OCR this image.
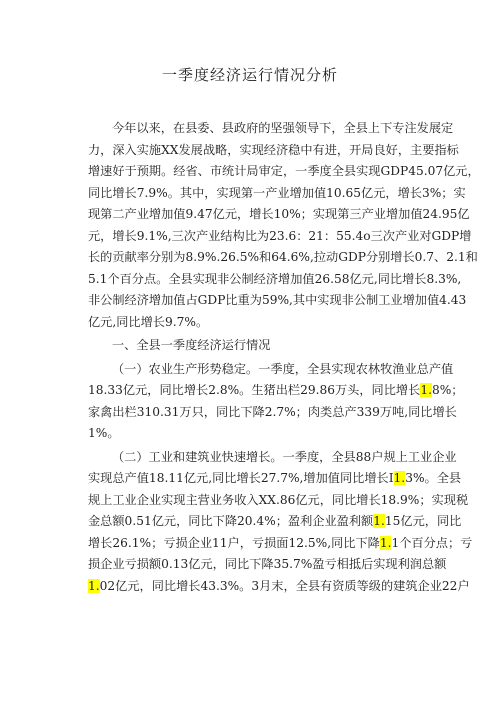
一季度经济运行情况分析
今年以来，在县委、县政府的坚强领导下，全县上下专注发展定
力，深入实施XX发展战略，实现经济稳中有进，开局良好，主要指标
增速好于预期。经省、市统计局审定，一季度全县实现GDP45.07亿元，
同比增长7.9%。其中，实现第一产业增加值10.65亿元，增长3%；实
现第二产业增加值9.47亿元，增长10%；实现第三产业增加值24.95亿
元，增长9.1%,三次产业结构比为23.6：21：55.4o三次产业对GDP增
长的贡献率分别为8.9%.26.5%和64.6%,拉动GDP分别增长0.7、2.1和
5.1个百分点。全县实现非公制经济增加值26.58亿元,同比增长8.3%,
非公制经济增加值占GDP比重为59%,其中实现非公制工业增加值4.43
亿元,同比增长9.7%。
一、全县一季度经济运行情况
（一）农业生产形势稳定。一季度，全县实现农林牧渔业总产值
18.33亿元，同比增长2.8%。生猪出栏29.86万头，同比增长1.8%；
家禽出栏310.31万只，同比下降2.7%；肉类总产339万吨,同比增长
1%。
（二）工业和建筑业快速增长。一季度，全县88户规上工业企业
实现总产值18.11亿元,同比增长27.7%,增加值同比增长I1.3%。全县
规上工业企业实现主营业务收入XX.86亿元，同比增长18.9%；实现税
金总额0.51亿元，同比下降20.4%；盈利企业盈利额1.15亿元，同比
增长26.1%；亏损企业11户，亏损面12.5%,同比下降1.1个百分点；亏
损企业亏损额0.13亿元，同比下降35.7%盈亏相抵后实现利润总额
1.02亿元，同比增长43.3%。3月末，全县有资质等级的建筑企业22户
